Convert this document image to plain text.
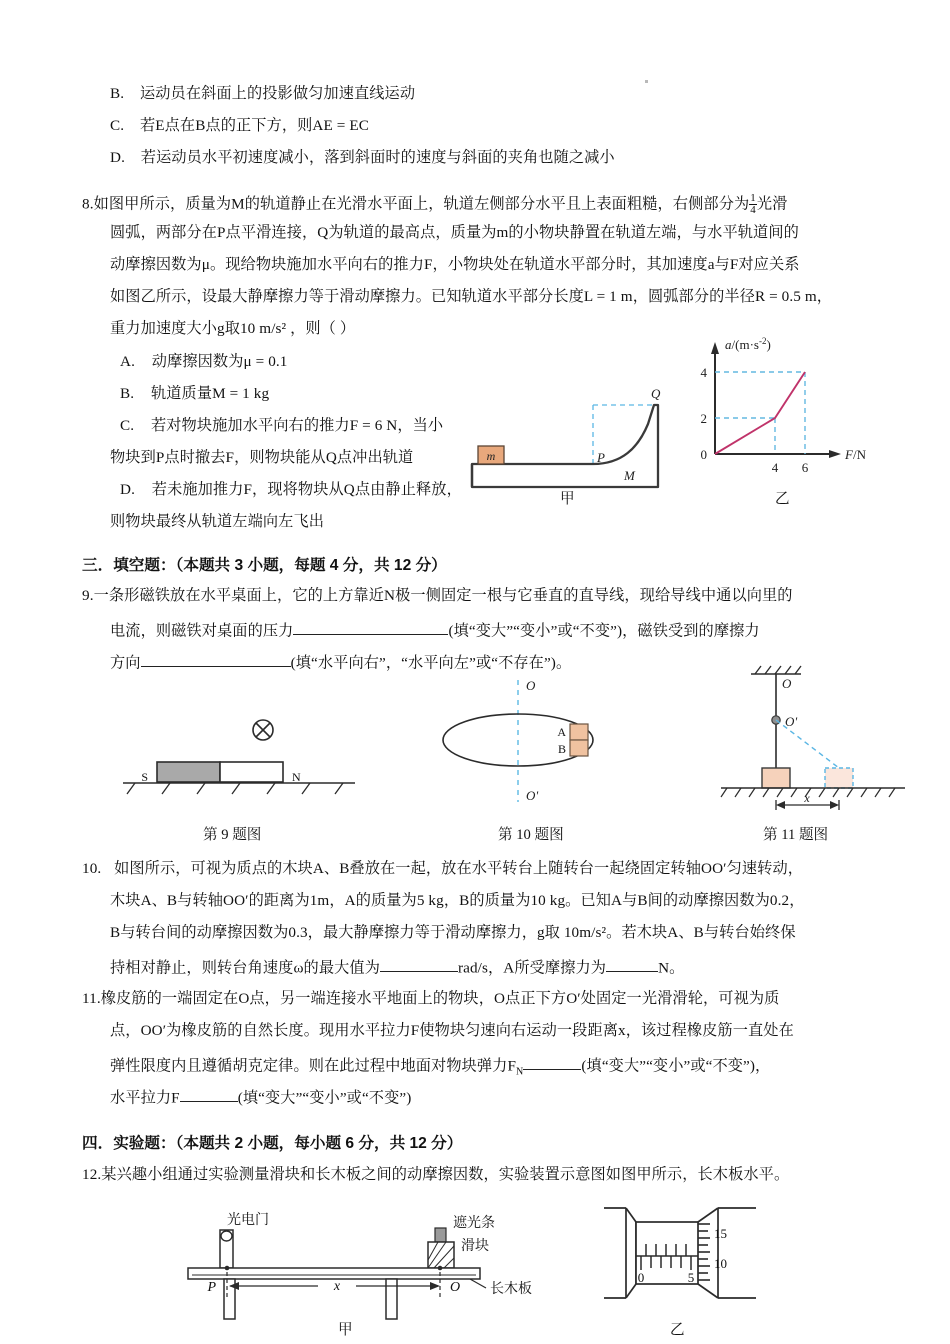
B. 运动员在斜面上的投影做匀加速直线运动
C. 若E点在B点的正下方，则AE = EC
D. 若运动员水平初速度减小，落到斜面时的速度与斜面的夹角也随之减小
8.如图甲所示，质量为M的轨道静止在光滑水平面上，轨道左侧部分水平且上表面粗糙，右侧部分为 $\frac{1}{4}$ 光滑
圆弧，两部分在P点平滑连接，Q为轨道的最高点，质量为m的小物块静置在轨道左端，与水平轨道间的
动摩擦因数为μ。现给物块施加水平向右的推力F，小物块处在轨道水平部分时，其加速度a与F对应关系
如图乙所示，设最大静摩擦力等于滑动摩擦力。已知轨道水平部分长度L = 1 m，圆弧部分的半径R = 0.5 m，
重力加速度大小g取10 m/s² ，则（ ）
A. 动摩擦因数为μ = 0.1
B. 轨道质量M = 1 kg
C. 若对物块施加水平向右的推力F = 6 N，当小
物块到P点时撤去F，则物块能从Q点冲出轨道
D. 若未施加推力F，现将物块从Q点由静止释放，
则物块最终从轨道左端向左飞出
m	P
Q
M
甲
4
2
0
4 6
$a/(m\cdot s^{-2})$
F/N
乙
三．填空题：（本题共 3 小题，每题 4 分，共 12 分）
9.一条形磁铁放在水平桌面上，它的上方靠近N极一侧固定一根与它垂直的直导线，现给导线中通以向里的
电流，则磁铁对桌面的压力	(填“变大”“变小”或“不变”)，磁铁受到的摩擦力
方向	(填“水平向右”，“水平向左”或“不存在”)。
S	N
第 9 题图
O
O'
A
B
第 10 题图
O
O'
x
第 11 题图
10. 如图所示，可视为质点的木块A、B叠放在一起，放在水平转台上随转台一起绕固定转轴OO′匀速转动，
木块A、B与转轴OO′的距离为1m，A的质量为5 kg，B的质量为10 kg。已知A与B间的动摩擦因数为0.2，
B与转台间的动摩擦因数为0.3，最大静摩擦力等于滑动摩擦力，g取 10m/s²。若木块A、B与转台始终保
持相对静止，则转台角速度ω的最大值为	rad/s，A所受摩擦力为	N。
11.橡皮筋的一端固定在O点，另一端连接水平地面上的物块，O点正下方O′处固定一光滑滑轮，可视为质
点，OO′为橡皮筋的自然长度。现用水平拉力F使物块匀速向右运动一段距离x，该过程橡皮筋一直处在
弹性限度内且遵循胡克定律。则在此过程中地面对物块弹力$F_N$	(填“变大”“变小”或“不变”)，
水平拉力F	(填“变大”“变小”或“不变”)
四．实验题：（本题共 2 小题，每小题 6 分，共 12 分）
12.某兴趣小组通过实验测量滑块和长木板之间的动摩擦因数，实验装置示意图如图甲所示，长木板水平。
光电门	遮光条
滑块
长木板
P	O
x
甲
0	5
15
10
乙
